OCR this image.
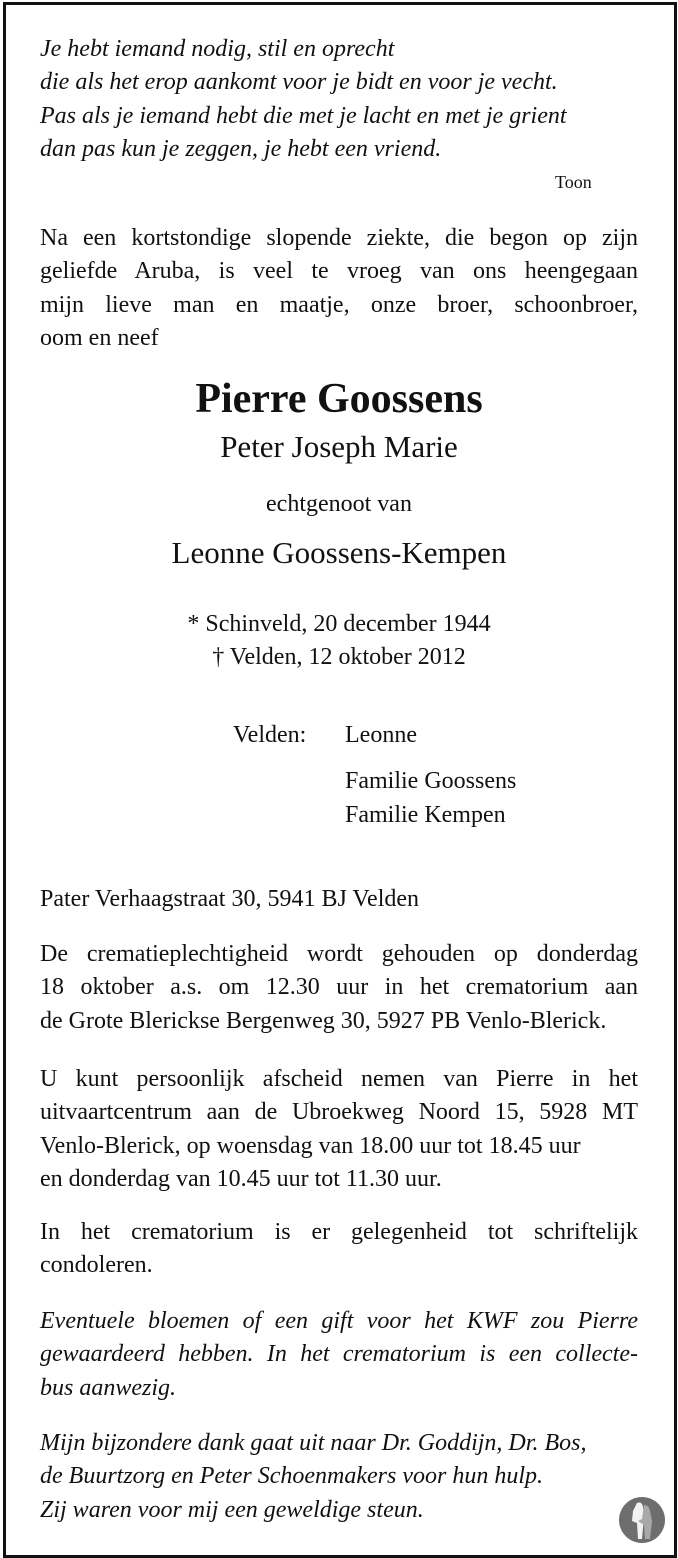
Je hebt iemand nodig, stil en oprecht
die als het erop aankomt voor je bidt en voor je vecht.
Pas als je iemand hebt die met je lacht en met je grient
dan pas kun je zeggen, je hebt een vriend.
Toon
Na een kortstondige slopende ziekte, die begon op zijn
geliefde Aruba, is veel te vroeg van ons heengegaan
mijn lieve man en maatje, onze broer, schoonbroer,
oom en neef
Pierre Goossens
Peter Joseph Marie
echtgenoot van
Leonne Goossens-Kempen
* Schinveld, 20 december 1944
† Velden, 12 oktober 2012
Velden:	Leonne
Familie Goossens
Familie Kempen
Pater Verhaagstraat 30, 5941 BJ Velden
De crematieplechtigheid wordt gehouden op donderdag
18 oktober a.s. om 12.30 uur in het crematorium aan
de Grote Blerickse Bergenweg 30, 5927 PB Venlo-Blerick.
U kunt persoonlijk afscheid nemen van Pierre in het
uitvaartcentrum aan de Ubroekweg Noord 15, 5928 MT
Venlo-Blerick, op woensdag van 18.00 uur tot 18.45 uur
en donderdag van 10.45 uur tot 11.30 uur.
In het crematorium is er gelegenheid tot schriftelijk
condoleren.
Eventuele bloemen of een gift voor het KWF zou Pierre
gewaardeerd hebben. In het crematorium is een collecte-
bus aanwezig.
Mijn bijzondere dank gaat uit naar Dr. Goddijn, Dr. Bos,
de Buurtzorg en Peter Schoenmakers voor hun hulp.
Zij waren voor mij een geweldige steun.
